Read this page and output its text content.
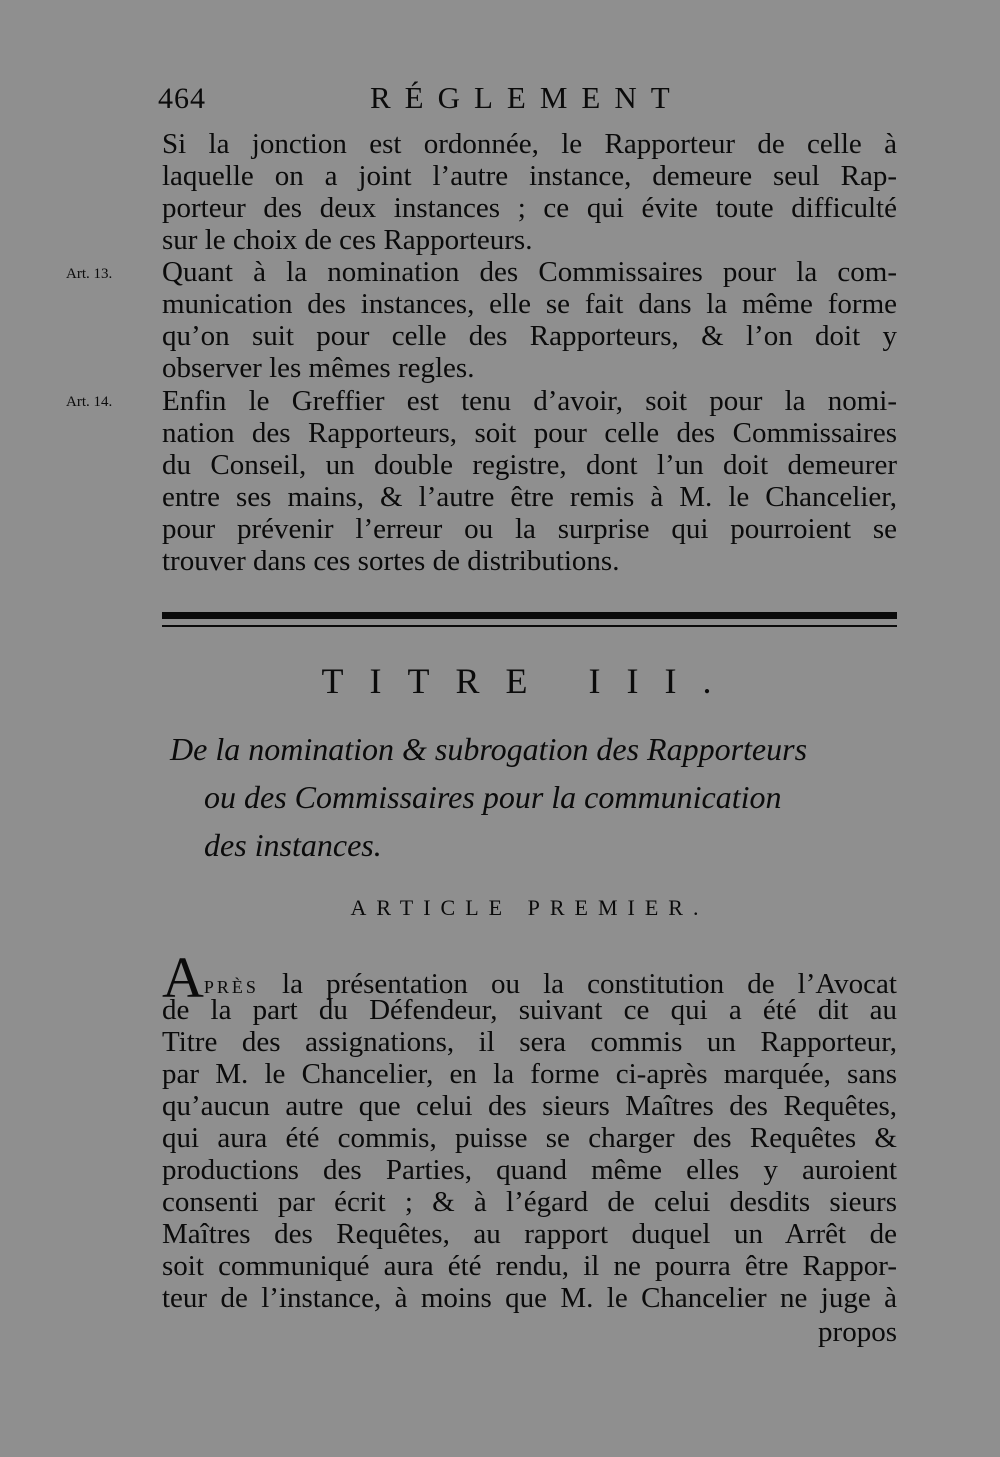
464	RÉGLEMENT
Si la jonction est ordonnée, le Rapporteur de celle à
laquelle on a joint l’autre instance, demeure seul Rap-
porteur des deux instances ; ce qui évite toute difficulté
sur le choix de ces Rapporteurs.
Art. 13. Quant à la nomination des Commissaires pour la com-
munication des instances, elle se fait dans la même forme
qu’on suit pour celle des Rapporteurs, & l’on doit y
observer les mêmes regles.
Art. 14. Enfin le Greffier est tenu d’avoir, soit pour la nomi-
nation des Rapporteurs, soit pour celle des Commissaires
du Conseil, un double registre, dont l’un doit demeurer
entre ses mains, & l’autre être remis à M. le Chancelier,
pour prévenir l’erreur ou la surprise qui pourroient se
trouver dans ces sortes de distributions.
TITRE III.
De la nomination & subrogation des Rapporteurs
ou des Commissaires pour la communication
des instances.
ARTICLE PREMIER.
APRÈS la présentation ou la constitution de l’Avocat
de la part du Défendeur, suivant ce qui a été dit au
Titre des assignations, il sera commis un Rapporteur,
par M. le Chancelier, en la forme ci-après marquée, sans
qu’aucun autre que celui des sieurs Maîtres des Requêtes,
qui aura été commis, puisse se charger des Requêtes &
productions des Parties, quand même elles y auroient
consenti par écrit ; & à l’égard de celui desdits sieurs
Maîtres des Requêtes, au rapport duquel un Arrêt de
soit communiqué aura été rendu, il ne pourra être Rappor-
teur de l’instance, à moins que M. le Chancelier ne juge à
propos
